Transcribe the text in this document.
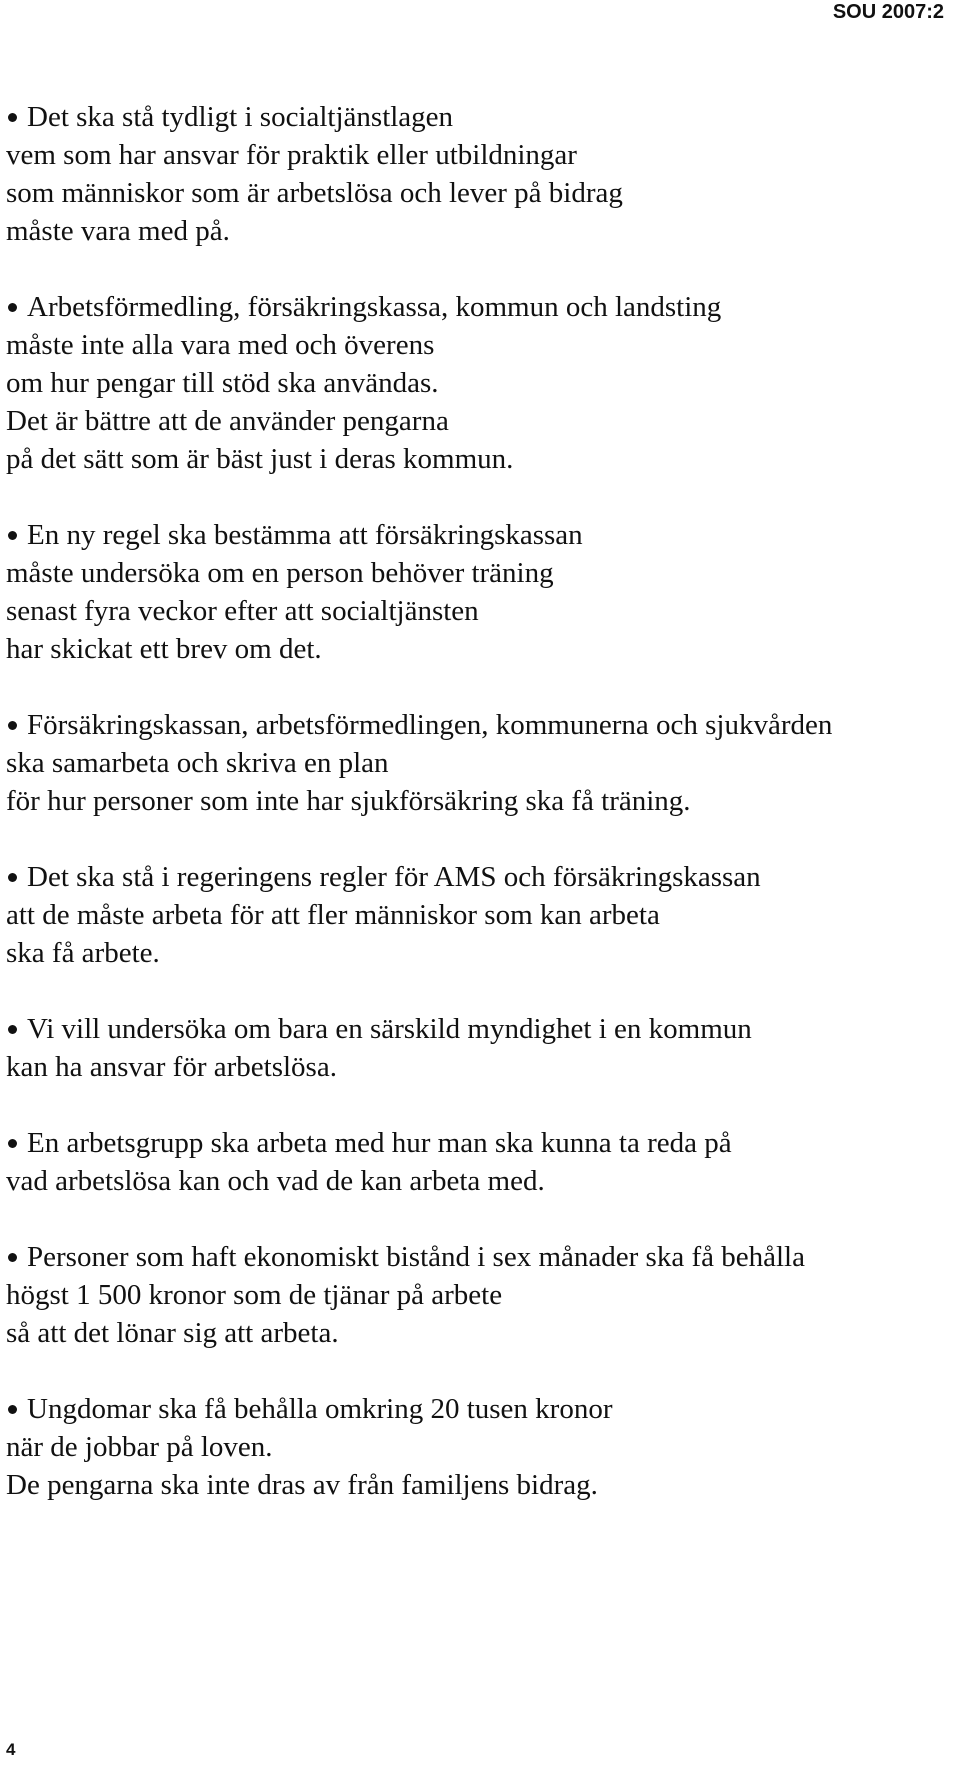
SOU 2007:2

Det ska stå tydligt i socialtjänstlagen
vem som har ansvar för praktik eller utbildningar
som människor som är arbetslösa och lever på bidrag
måste vara med på.

Arbetsförmedling, försäkringskassa, kommun och landsting
måste inte alla vara med och överens
om hur pengar till stöd ska användas.
Det är bättre att de använder pengarna
på det sätt som är bäst just i deras kommun.

En ny regel ska bestämma att försäkringskassan
måste undersöka om en person behöver träning
senast fyra veckor efter att socialtjänsten
har skickat ett brev om det.

Försäkringskassan, arbetsförmedlingen, kommunerna och sjukvården
ska samarbeta och skriva en plan
för hur personer som inte har sjukförsäkring ska få träning.

Det ska stå i regeringens regler för AMS och försäkringskassan
att de måste arbeta för att fler människor som kan arbeta
ska få arbete.

Vi vill undersöka om bara en särskild myndighet i en kommun
kan ha ansvar för arbetslösa.

En arbetsgrupp ska arbeta med hur man ska kunna ta reda på
vad arbetslösa kan och vad de kan arbeta med.

Personer som haft ekonomiskt bistånd i sex månader ska få behålla
högst 1 500 kronor som de tjänar på arbete
så att det lönar sig att arbeta.

Ungdomar ska få behålla omkring 20 tusen kronor
när de jobbar på loven.
De pengarna ska inte dras av från familjens bidrag.

4
